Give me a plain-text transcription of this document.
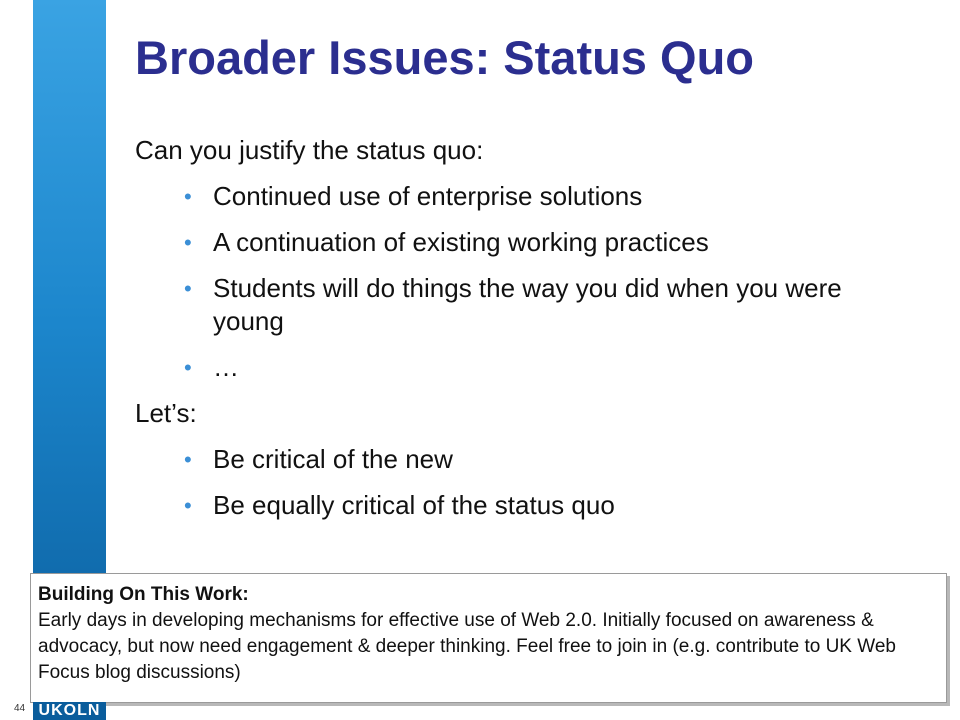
Broader Issues: Status Quo

Can you justify the status quo:

• Continued use of enterprise solutions
• A continuation of existing working practices
• Students will do things the way you did when you were young
• …

Let’s:

• Be critical of the new
• Be equally critical of the status quo
Building On This Work:
Early days in developing mechanisms for effective use of Web 2.0. Initially focused on awareness & advocacy, but now need engagement & deeper thinking. Feel free to join in (e.g. contribute to UK Web Focus blog discussions)
44 UKOLN
